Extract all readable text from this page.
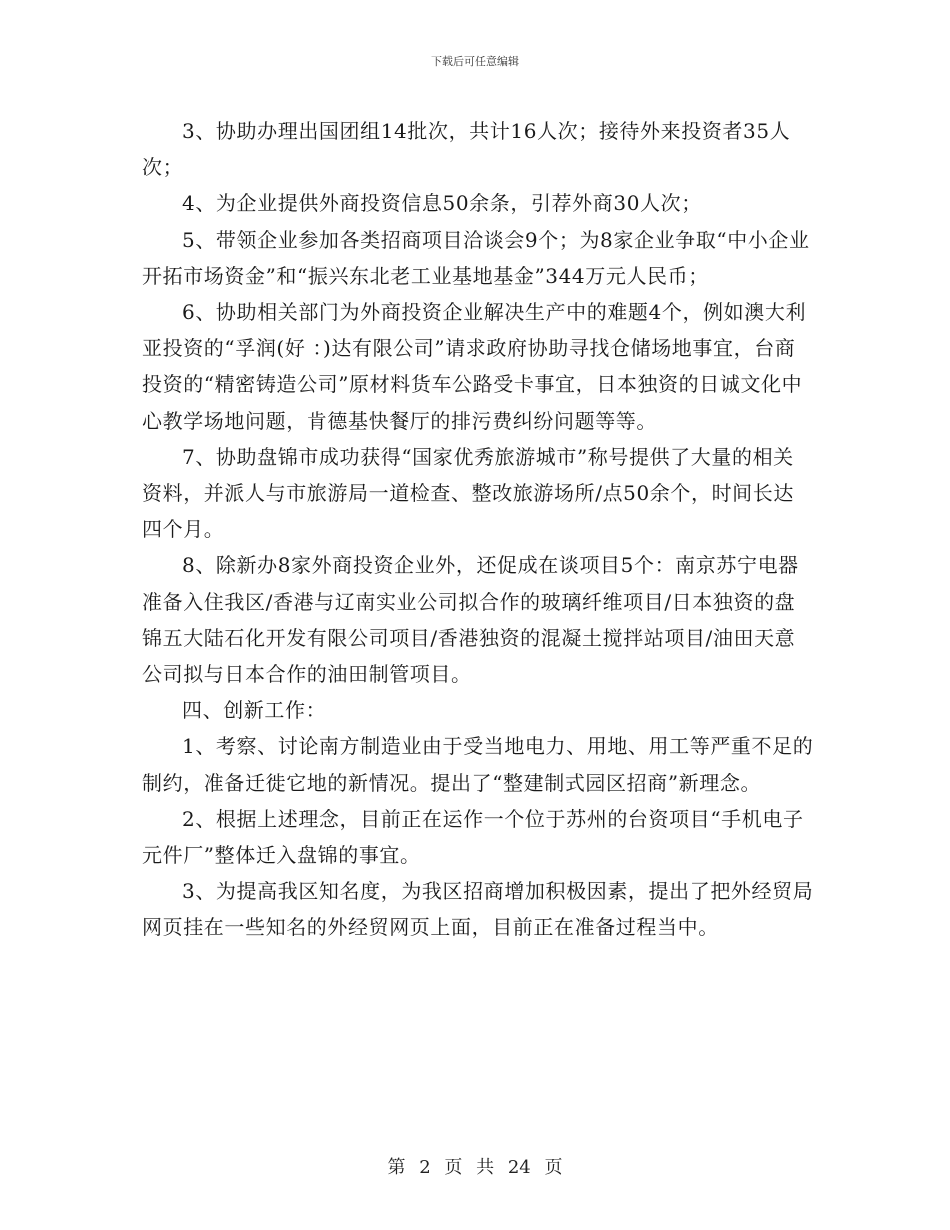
下载后可任意编辑

3、协助办理出国团组14批次，共计16人次；接待外来投资者35人次；

4、为企业提供外商投资信息50余条，引荐外商30人次；

5、带领企业参加各类招商项目洽谈会9个；为8家企业争取“中小企业开拓市场资金”和“振兴东北老工业基地基金”344万元人民币；

6、协助相关部门为外商投资企业解决生产中的难题4个，例如澳大利亚投资的“孚润(好 ：)达有限公司”请求政府协助寻找仓储场地事宜，台商投资的“精密铸造公司”原材料货车公路受卡事宜，日本独资的日诚文化中心教学场地问题，肯德基快餐厅的排污费纠纷问题等等。

7、协助盘锦市成功获得“国家优秀旅游城市”称号提供了大量的相关资料，并派人与市旅游局一道检查、整改旅游场所/点50余个，时间长达四个月。

8、除新办8家外商投资企业外，还促成在谈项目5个：南京苏宁电器准备入住我区/香港与辽南实业公司拟合作的玻璃纤维项目/日本独资的盘锦五大陆石化开发有限公司项目/香港独资的混凝土搅拌站项目/油田天意公司拟与日本合作的油田制管项目。

四、创新工作：

1、考察、讨论南方制造业由于受当地电力、用地、用工等严重不足的制约，准备迁徙它地的新情况。提出了“整建制式园区招商”新理念。

2、根据上述理念，目前正在运作一个位于苏州的台资项目“手机电子元件厂”整体迁入盘锦的事宜。

3、为提高我区知名度，为我区招商增加积极因素，提出了把外经贸局网页挂在一些知名的外经贸网页上面，目前正在准备过程当中。

第 2 页 共 24 页
